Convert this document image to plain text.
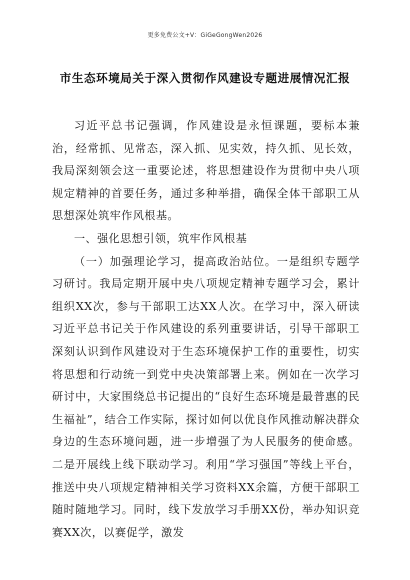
更多免费公文+V：GiGeGongWen2026
市生态环境局关于深入贯彻作风建设专题进展情况汇报

习近平总书记强调，作风建设是永恒课题，要标本兼治，经常抓、见常态，深入抓、见实效，持久抓、见长效，我局深刻领会这一重要论述，将思想建设作为贯彻中央八项规定精神的首要任务，通过多种举措，确保全体干部职工从思想深处筑牢作风根基。

一、强化思想引领，筑牢作风根基

（一）加强理论学习，提高政治站位。一是组织专题学习研讨。我局定期开展中央八项规定精神专题学习会，累计组织XX次，参与干部职工达XX人次。在学习中，深入研读习近平总书记关于作风建设的系列重要讲话，引导干部职工深刻认识到作风建设对于生态环境保护工作的重要性，切实将思想和行动统一到党中央决策部署上来。例如在一次学习研讨中，大家围绕总书记提出的“良好生态环境是最普惠的民生福祉”，结合工作实际，探讨如何以优良作风推动解决群众身边的生态环境问题，进一步增强了为人民服务的使命感。二是开展线上线下联动学习。利用“学习强国”等线上平台，推送中央八项规定精神相关学习资料XX余篇，方便干部职工随时随地学习。同时，线下发放学习手册XX份，举办知识竞赛XX次，以赛促学，激发
